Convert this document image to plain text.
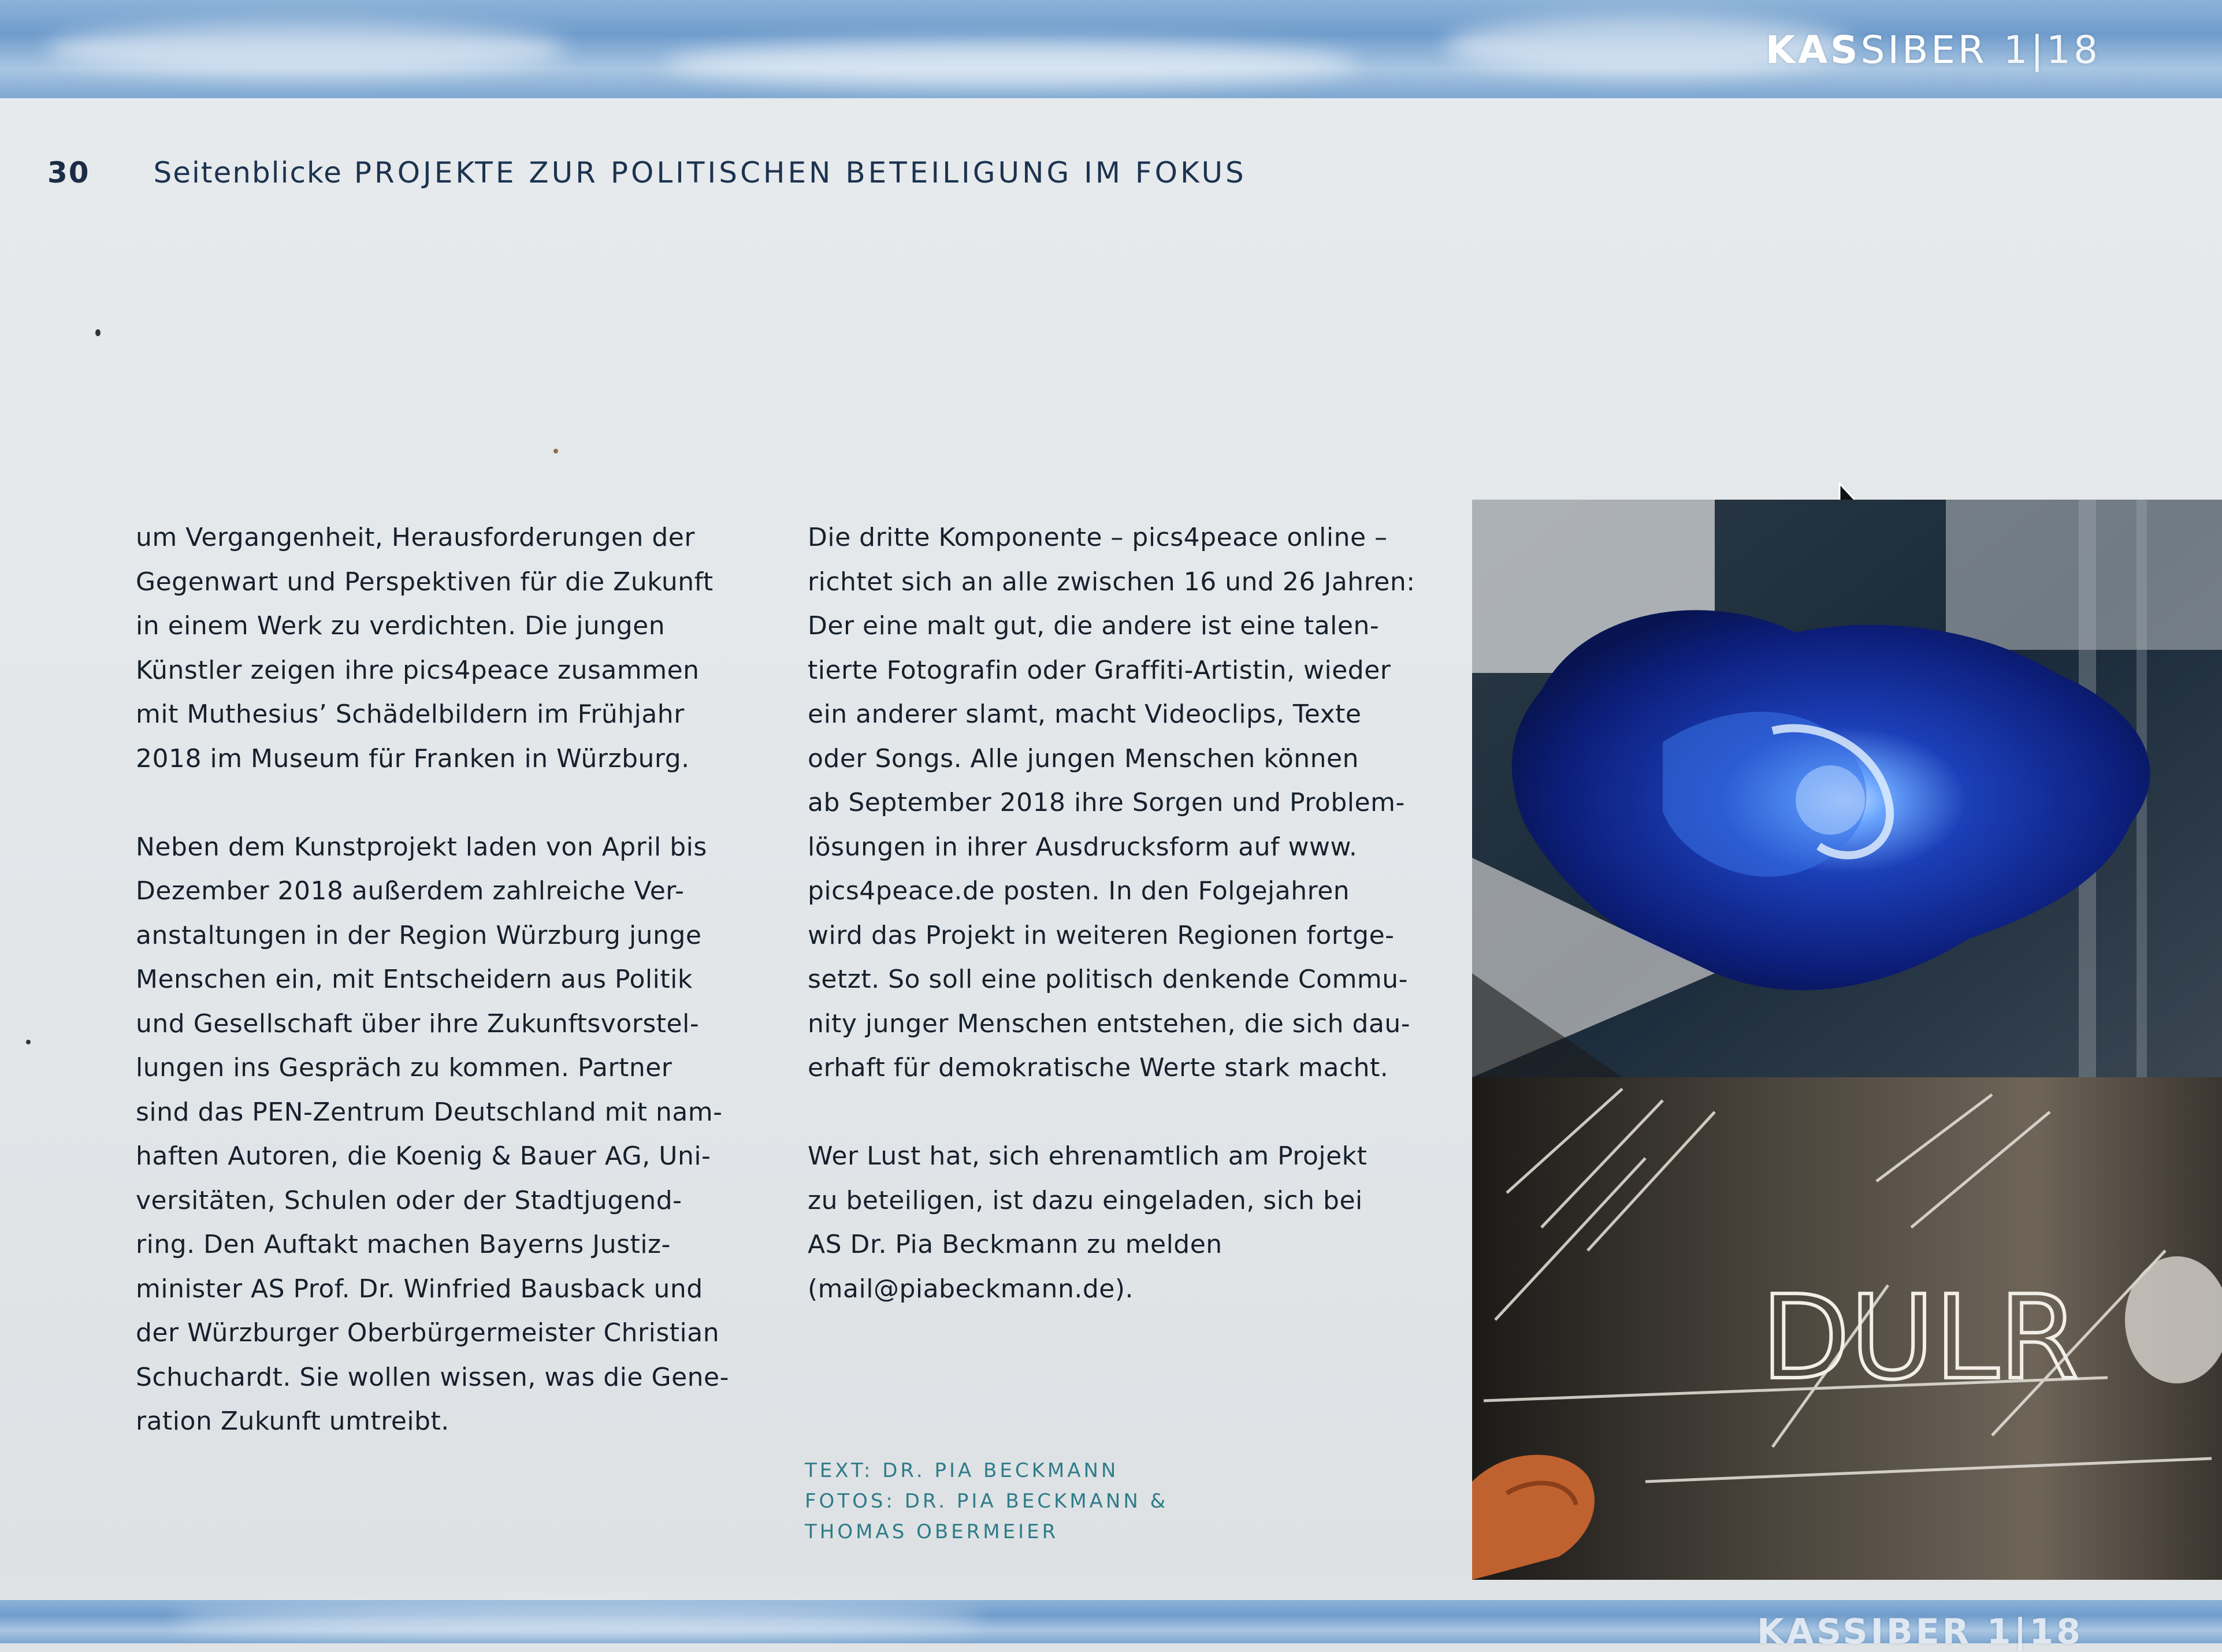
KASSIBER 1|18
30 Seitenblicke PROJEKTE ZUR POLITISCHEN BETEILIGUNG IM FOKUS
um Vergangenheit, Herausforderungen der
Gegenwart und Perspektiven für die Zukunft
in einem Werk zu verdichten. Die jungen
Künstler zeigen ihre pics4peace zusammen
mit Muthesius’ Schädelbildern im Frühjahr
2018 im Museum für Franken in Würzburg.

Neben dem Kunstprojekt laden von April bis
Dezember 2018 außerdem zahlreiche Ver-
anstaltungen in der Region Würzburg junge
Menschen ein, mit Entscheidern aus Politik
und Gesellschaft über ihre Zukunftsvorstel-
lungen ins Gespräch zu kommen. Partner
sind das PEN-Zentrum Deutschland mit nam-
haften Autoren, die Koenig & Bauer AG, Uni-
versitäten, Schulen oder der Stadtjugend-
ring. Den Auftakt machen Bayerns Justiz-
minister AS Prof. Dr. Winfried Bausback und
der Würzburger Oberbürgermeister Christian
Schuchardt. Sie wollen wissen, was die Gene-
ration Zukunft umtreibt.
Die dritte Komponente – pics4peace online –
richtet sich an alle zwischen 16 und 26 Jahren:
Der eine malt gut, die andere ist eine talen-
tierte Fotografin oder Graffiti-Artistin, wieder
ein anderer slamt, macht Videoclips, Texte
oder Songs. Alle jungen Menschen können
ab September 2018 ihre Sorgen und Problem-
lösungen in ihrer Ausdrucksform auf www.
pics4peace.de posten. In den Folgejahren
wird das Projekt in weiteren Regionen fortge-
setzt. So soll eine politisch denkende Commu-
nity junger Menschen entstehen, die sich dau-
erhaft für demokratische Werte stark macht.

Wer Lust hat, sich ehrenamtlich am Projekt
zu beteiligen, ist dazu eingeladen, sich bei
AS Dr. Pia Beckmann zu melden
(mail@piabeckmann.de).
TEXT: DR. PIA BECKMANN
FOTOS: DR. PIA BECKMANN &
THOMAS OBERMEIER
DULR
KASSIBER 1|18
